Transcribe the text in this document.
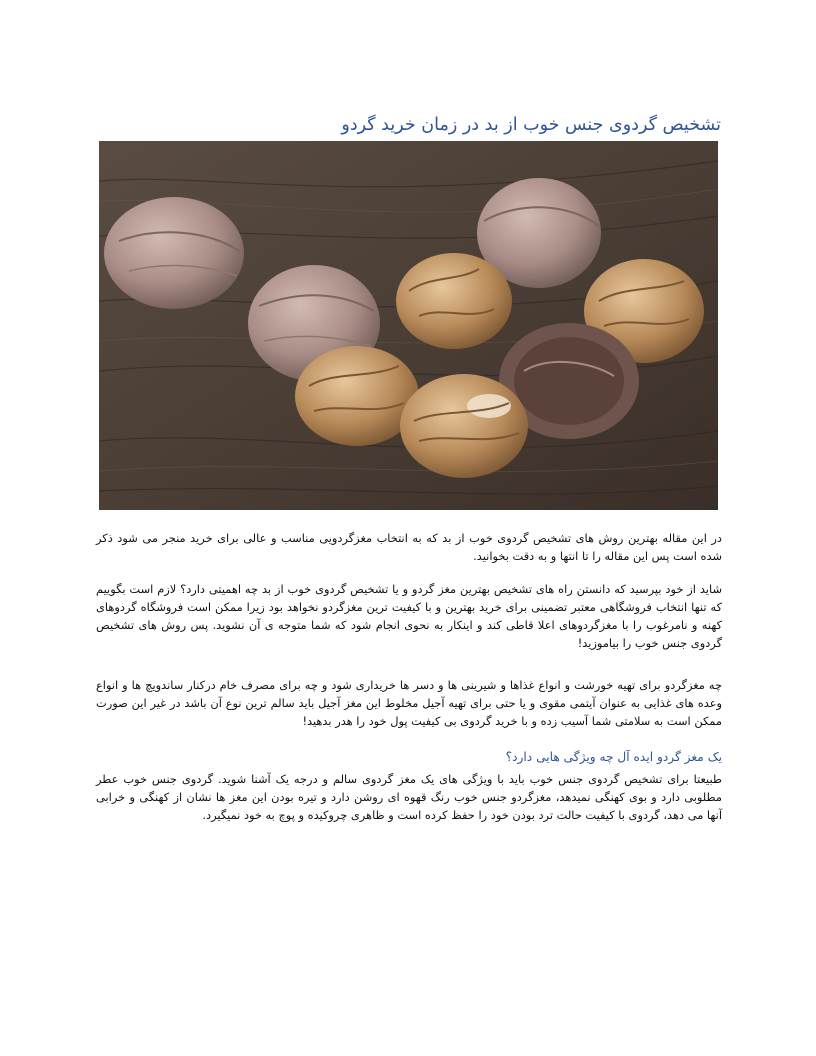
تشخیص گردوی جنس خوب از بد در زمان خرید گردو
در این مقاله بهترین روش های تشخیص گردوی خوب از بد که به انتخاب مغزگردویی مناسب و عالی برای خرید منجر می شود ذکر شده است پس این مقاله را تا انتها و به دقت بخوانید.
شاید از خود بپرسید که دانستن راه های تشخیص بهترین مغز گردو و یا تشخیص گردوی خوب از بد چه اهمیتی دارد؟ لازم است بگوییم که تنها انتخاب فروشگاهی معتبر تضمینی برای خرید بهترین و با کیفیت ترین مغزگردو نخواهد بود زیرا ممکن است فروشگاه گردوهای کهنه و نامرغوب را با مغزگردوهای اعلا قاطی کند و اینکار به نحوی انجام شود که شما متوجه ی آن نشوید. پس روش های تشخیص گردوی جنس خوب را بیاموزید!
چه مغزگردو برای تهیه خورشت و انواع غذاها و شیرینی ها و دسر ها خریداری شود و چه برای مصرف خام درکنار ساندویچ ها و انواع وعده های غذایی به عنوان آیتمی مقوی و یا حتی برای تهیه آجیل مخلوط این مغز آجیل باید سالم ترین نوع آن باشد در غیر این صورت ممکن است به سلامتی شما آسیب زده و با خرید گردوی بی کیفیت پول خود را هدر بدهید!
یک مغز گردو ایده آل چه ویژگی هایی دارد؟
طبیعتا برای تشخیص گردوی جنس خوب باید با ویژگی های یک مغز گردوی سالم و درجه یک آشنا شوید. گردوی جنس خوب عطر مطلوبی دارد و بوی کهنگی نمیدهد، مغزگردو جنس خوب رنگ قهوه ای روشن دارد و تیره بودن این مغز ها نشان از کهنگی و خرابی آنها می دهد، گردوی با کیفیت حالت ترد بودن خود را حفظ کرده است و ظاهری چروکیده و پوچ به خود نمیگیرد.
